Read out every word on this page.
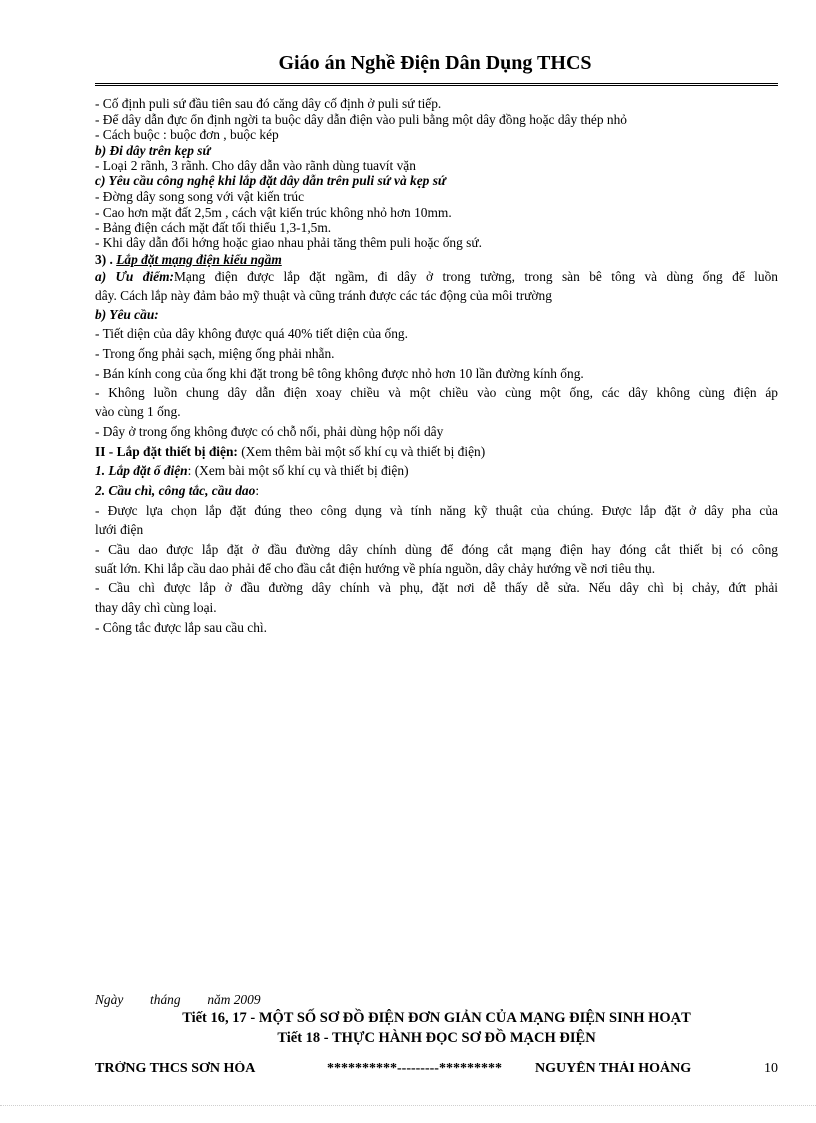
Giáo án Nghề Điện Dân Dụng THCS
- Cố định puli sứ đầu tiên sau đó căng dây cố định ở puli sứ tiếp.
- Để dây dẫn đực ổn định ngời ta buộc dây dẫn điện vào puli bằng một dây đồng hoặc dây thép nhỏ
- Cách buộc : buộc đơn , buộc kép
b) Đi dây trên kẹp sứ
- Loại 2 rãnh, 3 rãnh. Cho dây dẫn vào rãnh dùng tuavít vặn
c) Yêu cầu công nghệ khi lắp đặt dây dẫn trên puli sứ và kẹp sứ
- Đờng dây song song với vật kiến trúc
- Cao hơn mặt đất 2,5m , cách vật kiến trúc không nhỏ hơn 10mm.
- Bảng điện cách mặt đất tối thiểu 1,3-1,5m.
- Khi dây dẫn đổi hớng hoặc giao nhau phải tăng thêm puli hoặc ống sứ.
3) . Lắp đặt mạng điện kiểu ngầm
a) Ưu điểm:Mạng điện được lắp đặt ngầm, đi dây ở trong tường, trong sàn bê tông và dùng ống để luồn
dây. Cách lắp này đảm bảo mỹ thuật và cũng tránh được các tác động của môi trường
b) Yêu cầu:
- Tiết diện của dây không được quá 40% tiết diện của ống.
- Trong ống phải sạch, miệng ống phải nhẵn.
- Bán kính cong của ống khi đặt trong bê tông không được nhỏ hơn 10 lần đường kính ống.
- Không luồn chung dây dẫn điện xoay chiều và một chiều vào cùng một ống, các dây không cùng điện áp
vào cùng 1 ống.
- Dây ở trong ống không được có chỗ nối, phải dùng hộp nối dây
II - Lắp đặt thiết bị điện: (Xem thêm bài một số khí cụ và thiết bị điện)
1. Lắp đặt ổ điện: (Xem bài một số khí cụ và thiết bị điện)
2. Cầu chì, công tắc, cầu dao:
- Được lựa chọn lắp đặt đúng theo công dụng và tính năng kỹ thuật của chúng. Được lắp đặt ở dây pha của
lưới điện
- Cầu dao được lắp đặt ở đầu đường dây chính dùng để đóng cắt mạng điện hay đóng cắt thiết bị có công
suất lớn. Khi lắp cầu dao phải để cho đầu cắt điện hướng về phía nguồn, dây chảy hướng về nơi tiêu thụ.
- Cầu chì được lắp ở đầu đường dây chính và phụ, đặt nơi dễ thấy dễ sửa. Nếu dây chì bị chảy, đứt phải
thay dây chì cùng loại.
- Công tắc được lắp sau cầu chì.
Ngày        tháng        năm 2009
Tiết 16, 17 - MỘT SỐ SƠ ĐỒ ĐIỆN ĐƠN GIẢN CỦA MẠNG ĐIỆN SINH HOẠT
Tiết 18 - THỰC HÀNH ĐỌC SƠ ĐỒ MẠCH ĐIỆN
TRỜNG THCS SƠN HÒA	**********---------********* NGUYỄN THÁI HOÀNG	10
